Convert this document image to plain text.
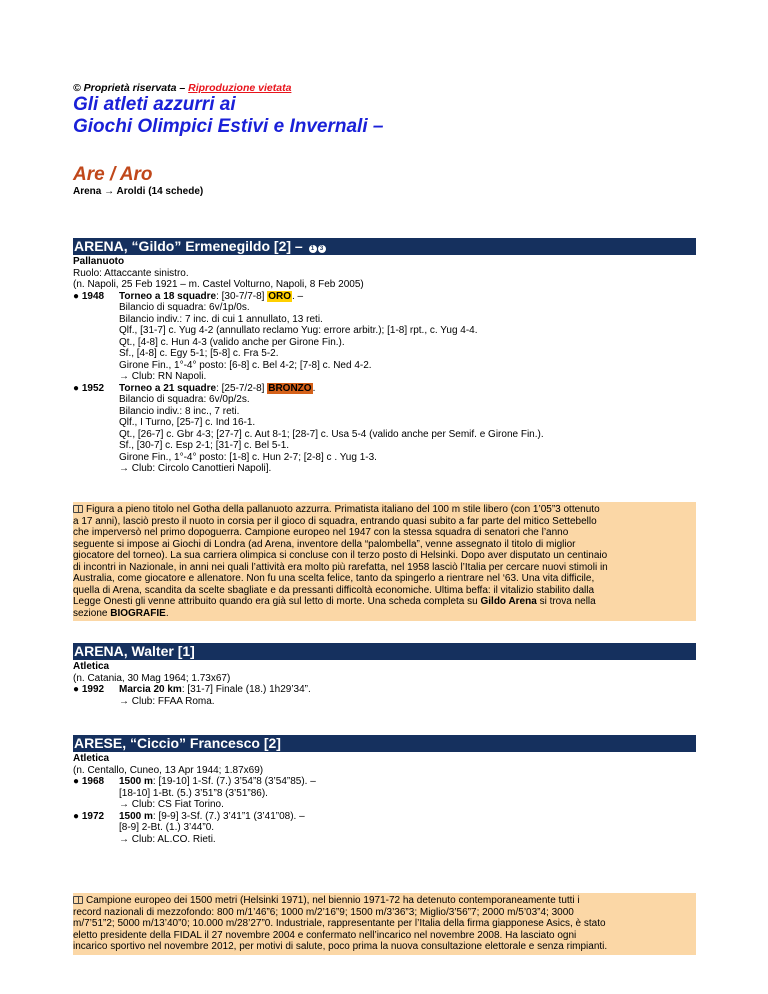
© Proprietà riservata – Riproduzione vietata
Gli atleti azzurri ai
Giochi Olimpici Estivi e Invernali –
Are / Aro
Arena → Aroldi (14 schede)
ARENA, “Gildo” Ermenegildo [2] – 1 3
Pallanuoto
Ruolo: Attaccante sinistro.
(n. Napoli, 25 Feb 1921 – m. Castel Volturno, Napoli, 8 Feb 2005)
● 1948 Torneo a 18 squadre: [30-7/7-8] ORO. –
Bilancio di squadra: 6v/1p/0s.
Bilancio indiv.: 7 inc. di cui 1 annullato, 13 reti.
Qlf., [31-7] c. Yug 4-2 (annullato reclamo Yug: errore arbitr.); [1-8] rpt., c. Yug 4-4.
Qt., [4-8] c. Hun 4-3 (valido anche per Girone Fin.).
Sf., [4-8] c. Egy 5-1; [5-8] c. Fra 5-2.
Girone Fin., 1°-4° posto: [6-8] c. Bel 4-2; [7-8] c. Ned 4-2.
→ Club: RN Napoli.
● 1952 Torneo a 21 squadre: [25-7/2-8] BRONZO.
Bilancio di squadra: 6v/0p/2s.
Bilancio indiv.: 8 inc., 7 reti.
Qlf., I Turno, [25-7] c. Ind 16-1.
Qt., [26-7] c. Gbr 4-3; [27-7] c. Aut 8-1; [28-7] c. Usa 5-4 (valido anche per Semif. e Girone Fin.).
Sf., [30-7] c. Esp 2-1; [31-7] c. Bel 5-1.
Girone Fin., 1°-4° posto: [1-8] c. Hun 2-7; [2-8] c . Yug 1-3.
→ Club: Circolo Canottieri Napoli].
Figura a pieno titolo nel Gotha della pallanuoto azzurra. Primatista italiano del 100 m stile libero (con 1’05”3 ottenuto
a 17 anni), lasciò presto il nuoto in corsia per il gioco di squadra, entrando quasi subito a far parte del mitico Settebello
che imperversò nel primo dopoguerra. Campione europeo nel 1947 con la stessa squadra di senatori che l’anno
seguente si impose ai Giochi di Londra (ad Arena, inventore della “palombella”, venne assegnato il titolo di miglior
giocatore del torneo). La sua carriera olimpica si concluse con il terzo posto di Helsinki. Dopo aver disputato un centinaio
di incontri in Nazionale, in anni nei quali l’attività era molto più rarefatta, nel 1958 lasciò l’Italia per cercare nuovi stimoli in
Australia, come giocatore e allenatore. Non fu una scelta felice, tanto da spingerlo a rientrare nel ‘63. Una vita difficile,
quella di Arena, scandita da scelte sbagliate e da pressanti difficoltà economiche. Ultima beffa: il vitalizio stabilito dalla
Legge Onesti gli venne attribuito quando era già sul letto di morte. Una scheda completa su Gildo Arena si trova nella
sezione BIOGRAFIE.
ARENA, Walter [1]
Atletica
(n. Catania, 30 Mag 1964; 1.73x67)
● 1992 Marcia 20 km: [31-7] Finale (18.) 1h29’34”.
→ Club: FFAA Roma.
ARESE, “Ciccio” Francesco [2]
Atletica
(n. Centallo, Cuneo, 13 Apr 1944; 1.87x69)
● 1968 1500 m: [19-10] 1-Sf. (7.) 3’54”8 (3’54”85). –
[18-10] 1-Bt. (5.) 3’51”8 (3’51”86).
→ Club: CS Fiat Torino.
● 1972 1500 m: [9-9] 3-Sf. (7.) 3’41”1 (3’41”08). –
[8-9] 2-Bt. (1.) 3’44”0.
→ Club: AL.CO. Rieti.
Campione europeo dei 1500 metri (Helsinki 1971), nel biennio 1971-72 ha detenuto contemporaneamente tutti i
record nazionali di mezzofondo: 800 m/1’46”6; 1000 m/2’16”9; 1500 m/3’36”3; Miglio/3’56”7; 2000 m/5’03”4; 3000
m/7’51”2; 5000 m/13’40”0; 10.000 m/28’27”0. Industriale, rappresentante per l’Italia della firma giapponese Asics, è stato
eletto presidente della FIDAL il 27 novembre 2004 e confermato nell’incarico nel novembre 2008. Ha lasciato ogni
incarico sportivo nel novembre 2012, per motivi di salute, poco prima la nuova consultazione elettorale e senza rimpianti.
